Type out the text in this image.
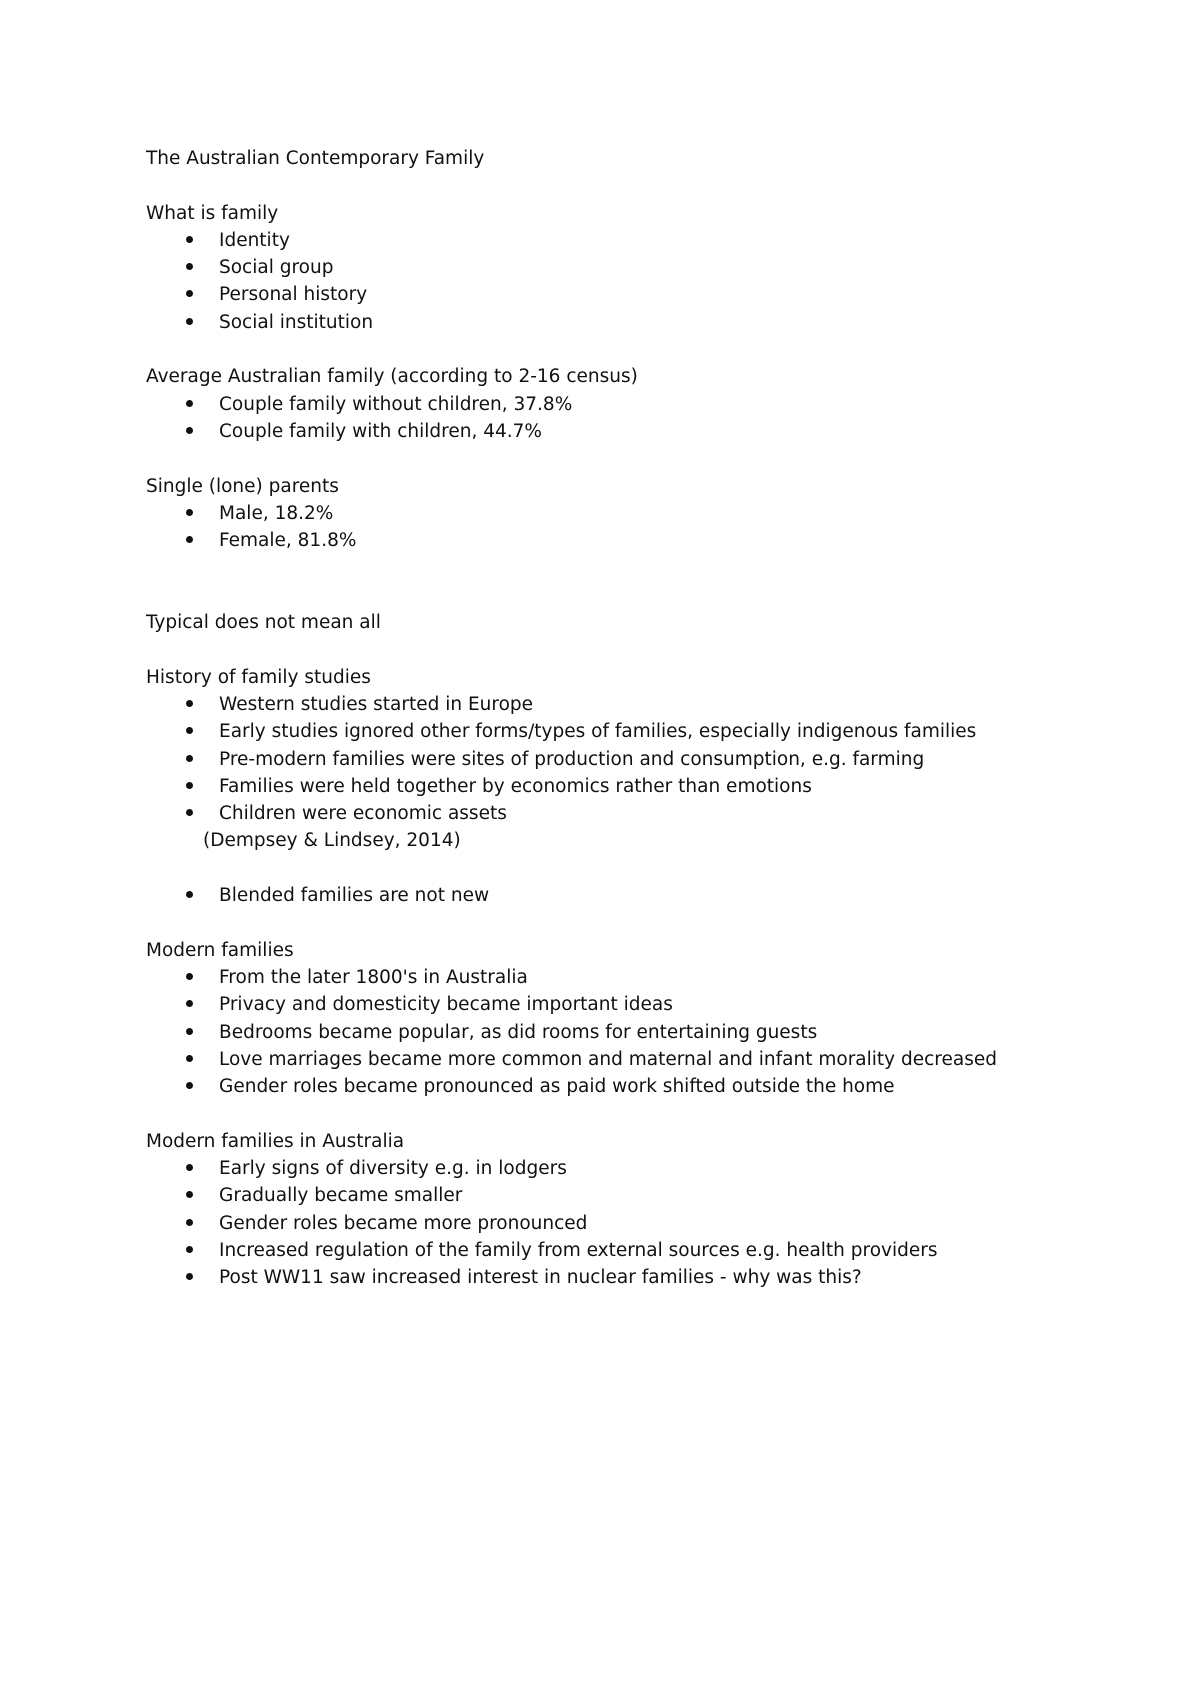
The Australian Contemporary Family
What is family
Identity
Social group
Personal history
Social institution
Average Australian family (according to 2-16 census)
Couple family without children, 37.8%
Couple family with children, 44.7%
Single (lone) parents
Male, 18.2%
Female, 81.8%
Typical does not mean all
History of family studies
Western studies started in Europe
Early studies ignored other forms/types of families, especially indigenous families
Pre-modern families were sites of production and consumption, e.g. farming
Families were held together by economics rather than emotions
Children were economic assets
(Dempsey & Lindsey, 2014)
Blended families are not new
Modern families
From the later 1800's in Australia
Privacy and domesticity became important ideas
Bedrooms became popular, as did rooms for entertaining guests
Love marriages became more common and maternal and infant morality decreased
Gender roles became pronounced as paid work shifted outside the home
Modern families in Australia
Early signs of diversity e.g. in lodgers
Gradually became smaller
Gender roles became more pronounced
Increased regulation of the family from external sources e.g. health providers
Post WW11 saw increased interest in nuclear families - why was this?
